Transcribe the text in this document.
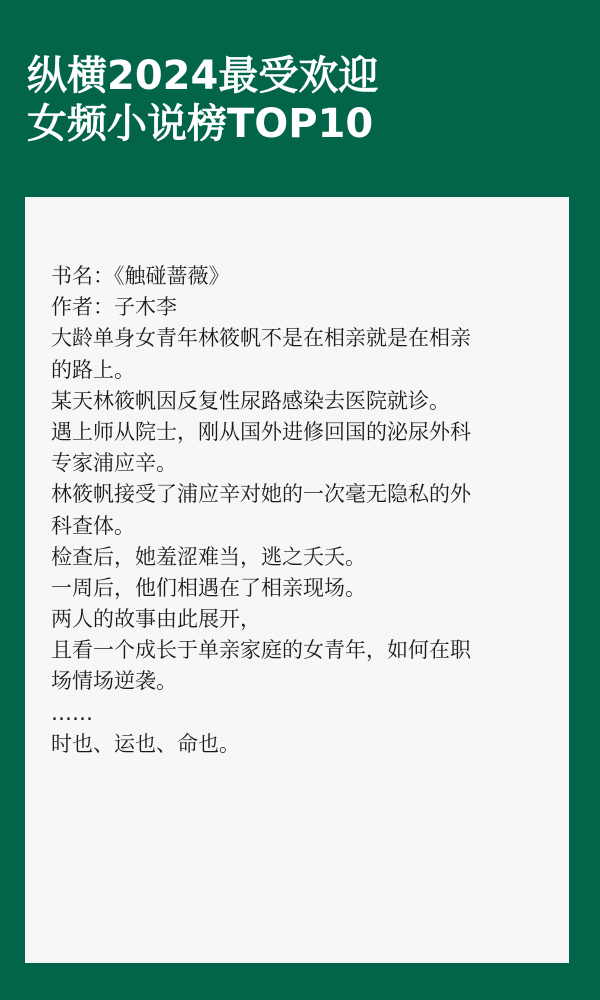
纵横2024最受欢迎
女频小说榜TOP10
书名：《触碰蔷薇》
作者：子木李
大龄单身女青年林筱帆不是在相亲就是在相亲
的路上。
某天林筱帆因反复性尿路感染去医院就诊。
遇上师从院士，刚从国外进修回国的泌尿外科
专家浦应辛。
林筱帆接受了浦应辛对她的一次毫无隐私的外
科查体。
检查后，她羞涩难当，逃之夭夭。
一周后，他们相遇在了相亲现场。
两人的故事由此展开，
且看一个成长于单亲家庭的女青年，如何在职
场情场逆袭。
……
时也、运也、命也。
